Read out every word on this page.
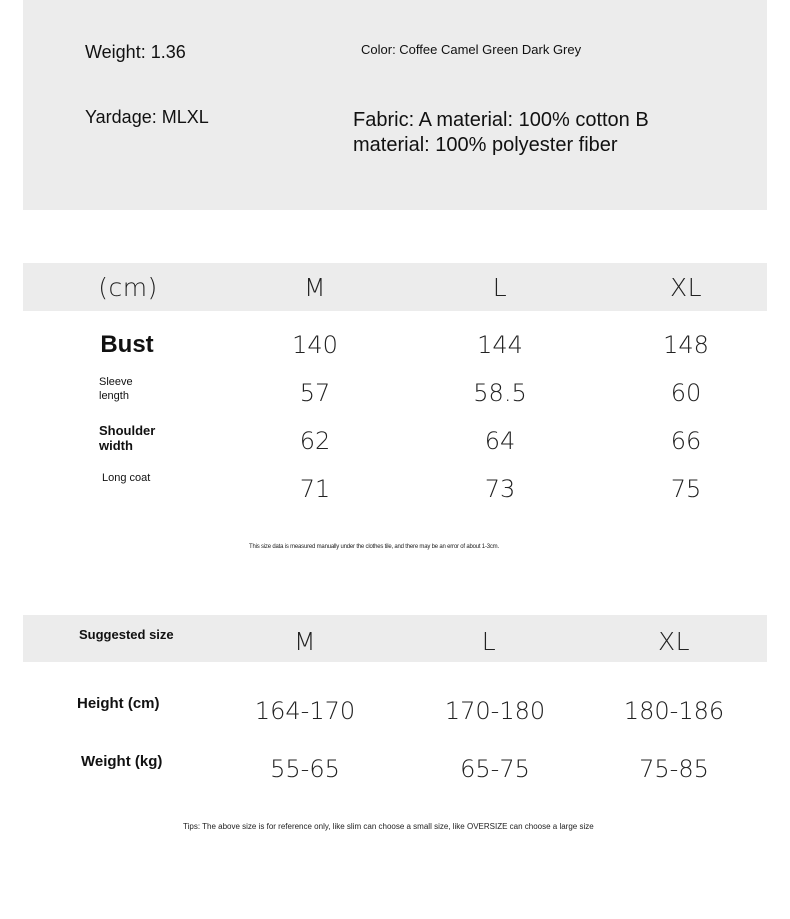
Weight: 1.36	Color: Coffee Camel Green Dark Grey
Yardage: MLXL	Fabric: A material: 100% cotton B material: 100% polyester fiber
(cm)	M	L	XL
Bust	140	144	148
Sleeve length	57	58.5	60
Shoulder width	62	64	66
Long coat	71	73	75
This size data is measured manually under the clothes tile, and there may be an error of about 1-3cm.
Suggested size	M	L	XL
Height (cm)	164-170	170-180	180-186
Weight (kg)	55-65	65-75	75-85
Tips: The above size is for reference only, like slim can choose a small size, like OVERSIZE can choose a large size
